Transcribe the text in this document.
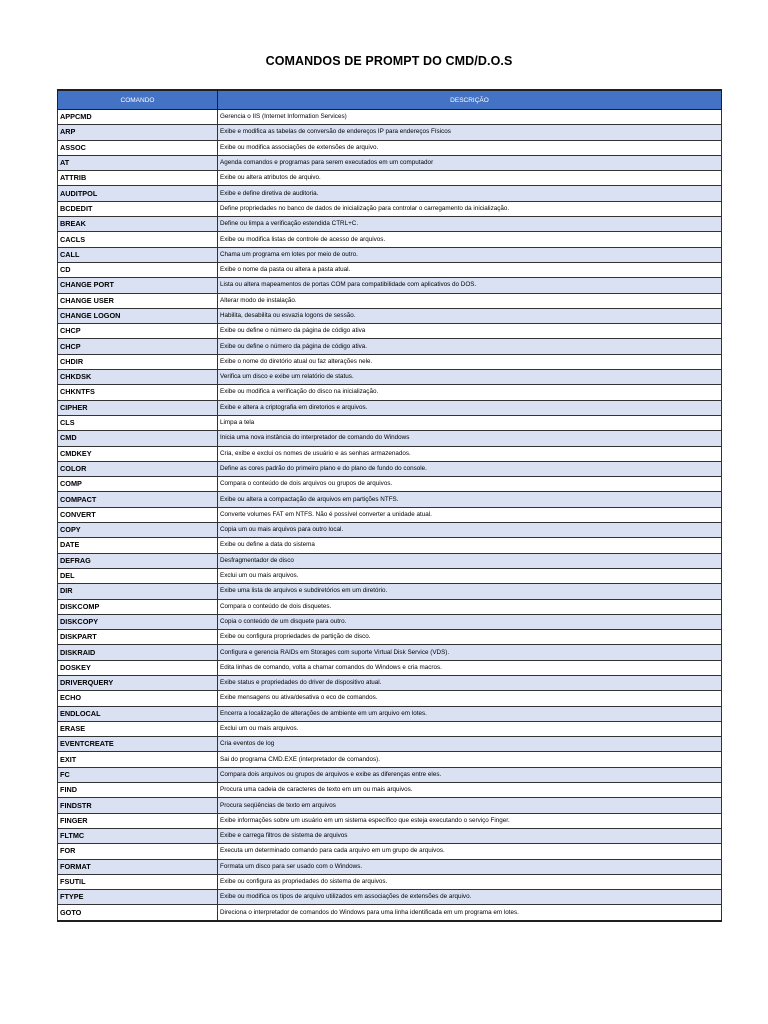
COMANDOS DE PROMPT DO CMD/D.O.S
COMANDO	DESCRIÇÃO
APPCMD	Gerencia o IIS (Internet Information Services)
ARP	Exibe e modifica as tabelas de conversão de endereços IP para endereços Físicos
ASSOC	Exibe ou modifica associações de extensões de arquivo.
AT	Agenda comandos e programas para serem executados em um computador
ATTRIB	Exibe ou altera atributos de arquivo.
AUDITPOL	Exibe e define diretiva de auditoria.
BCDEDIT	Define propriedades no banco de dados de inicialização para controlar o carregamento da inicialização.
BREAK	Define ou limpa a verificação estendida CTRL+C.
CACLS	Exibe ou modifica listas de controle de acesso de arquivos.
CALL	Chama um programa em lotes por meio de outro.
CD	Exibe o nome da pasta ou altera a pasta atual.
CHANGE PORT	Lista ou altera mapeamentos de portas COM para compatibilidade com aplicativos do DOS.
CHANGE USER	Alterar modo de instalação.
CHANGE LOGON	Habilita, desabilita ou esvazia logons de sessão.
CHCP	Exibe ou define o número da página de código ativa
CHCP	Exibe ou define o número da página de código ativa.
CHDIR	Exibe o nome do diretório atual ou faz alterações nele.
CHKDSK	Verifica um disco e exibe um relatório de status.
CHKNTFS	Exibe ou modifica a verificação do disco na inicialização.
CIPHER	Exibe e altera a criptografia em diretorios e arquivos.
CLS	Limpa a tela
CMD	Inicia uma nova instância do interpretador de comando do Windows
CMDKEY	Cria, exibe e exclui os nomes de usuário e as senhas armazenados.
COLOR	Define as cores padrão do primeiro plano e do plano de fundo do console.
COMP	Compara o conteúdo de dois arquivos ou grupos de arquivos.
COMPACT	Exibe ou altera a compactação de arquivos em partições NTFS.
CONVERT	Converte volumes FAT em NTFS. Não é possível converter a unidade atual.
COPY	Copia um ou mais arquivos para outro local.
DATE	Exibe ou define a data do sistema
DEFRAG	Desfragmentador de disco
DEL	Exclui um ou mais arquivos.
DIR	Exibe uma lista de arquivos e subdiretórios em um diretório.
DISKCOMP	Compara o conteúdo de dois disquetes.
DISKCOPY	Copia o conteúdo de um disquete para outro.
DISKPART	Exibe ou configura propriedades de partição de disco.
DISKRAID	Configura e gerencia RAIDs em Storages com suporte Virtual Disk Service (VDS).
DOSKEY	Edita linhas de comando, volta a chamar comandos do Windows e cria macros.
DRIVERQUERY	Exibe status e propriedades do driver de dispositivo atual.
ECHO	Exibe mensagens ou ativa/desativa o eco de comandos.
ENDLOCAL	Encerra a localização de alterações de ambiente em um arquivo em lotes.
ERASE	Exclui um ou mais arquivos.
EVENTCREATE	Cria eventos de log
EXIT	Sai do programa CMD.EXE (interpretador de comandos).
FC	Compara dois arquivos ou grupos de arquivos e exibe as diferenças entre eles.
FIND	Procura uma cadeia de caracteres de texto em um ou mais arquivos.
FINDSTR	Procura seqüências de texto em arquivos
FINGER	Exibe informações sobre um usuário em um sistema específico que esteja executando o serviço Finger.
FLTMC	Exibe e carrega filtros de sistema de arquivos
FOR	Executa um determinado comando para cada arquivo em um grupo de arquivos.
FORMAT	Formata um disco para ser usado com o Windows.
FSUTIL	Exibe ou configura as propriedades do sistema de arquivos.
FTYPE	Exibe ou modifica os tipos de arquivo utilizados em associações de extensões de arquivo.
GOTO	Direciona o interpretador de comandos do Windows para uma linha identificada em um programa em lotes.
